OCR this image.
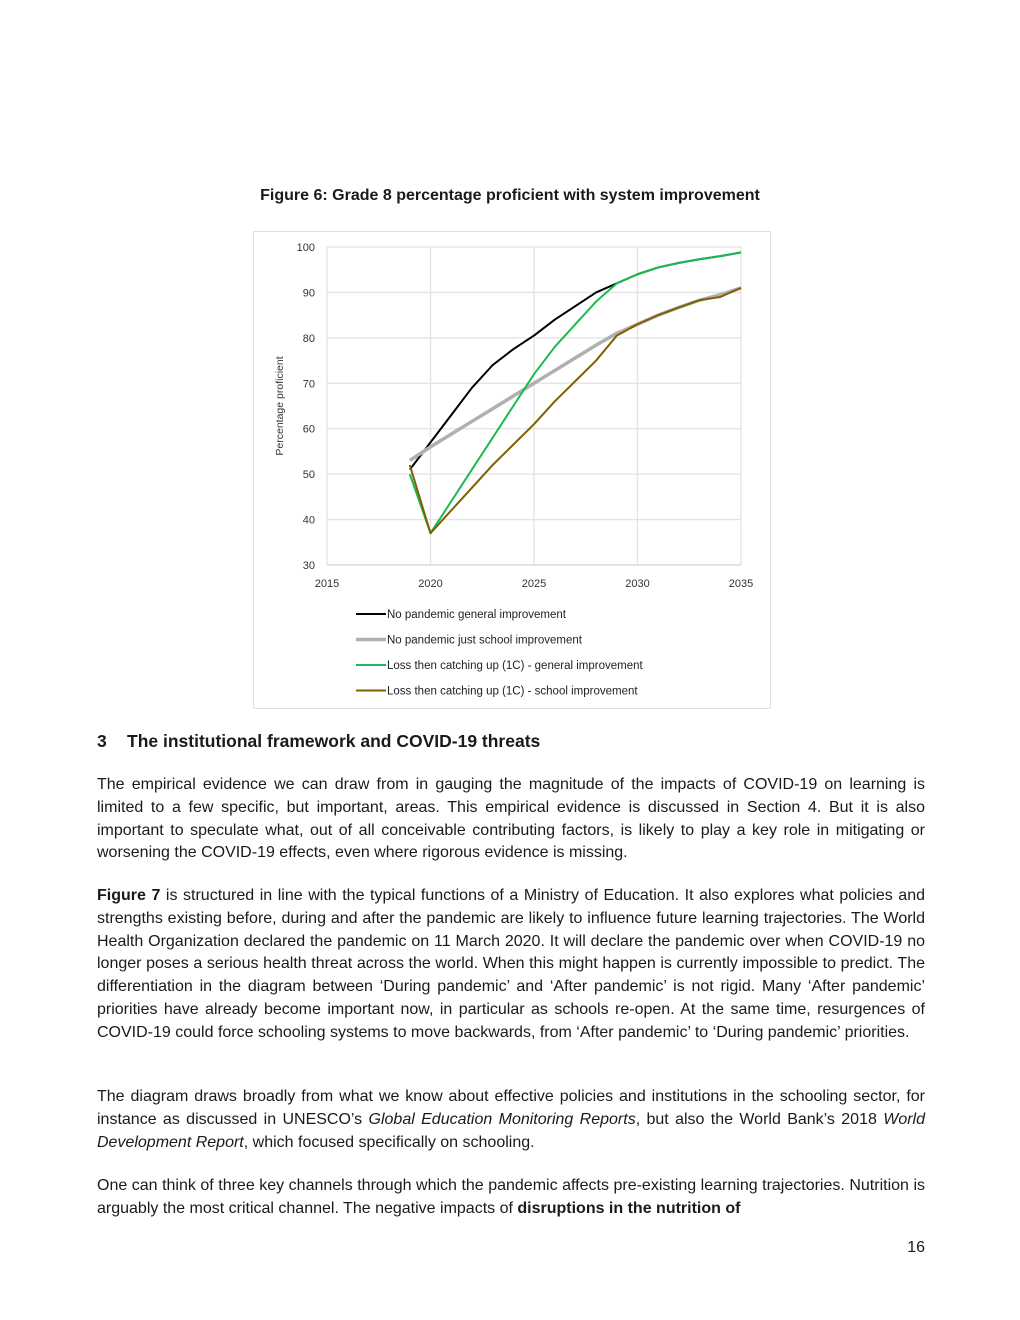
Figure 6: Grade 8 percentage proficient with system improvement
30
40
50
60
70
80
90
100
2015	2020	2025	2030	2035
Percentage proficient
No pandemic general improvement
No pandemic just school improvement
Loss then catching up (1C) - general improvement
Loss then catching up (1C) - school improvement
3 The institutional framework and COVID-19 threats
The empirical evidence we can draw from in gauging the magnitude of the impacts of COVID-19 on learning is limited to a few specific, but important, areas. This empirical evidence is discussed in Section 4. But it is also important to speculate what, out of all conceivable contributing factors, is likely to play a key role in mitigating or worsening the COVID-19 effects, even where rigorous evidence is missing.
Figure 7 is structured in line with the typical functions of a Ministry of Education. It also explores what policies and strengths existing before, during and after the pandemic are likely to influence future learning trajectories. The World Health Organization declared the pandemic on 11 March 2020. It will declare the pandemic over when COVID-19 no longer poses a serious health threat across the world. When this might happen is currently impossible to predict. The differentiation in the diagram between ‘During pandemic’ and ‘After pandemic’ is not rigid. Many ‘After pandemic’ priorities have already become important now, in particular as schools re-open. At the same time, resurgences of COVID-19 could force schooling systems to move backwards, from ‘After pandemic’ to ‘During pandemic’ priorities.
The diagram draws broadly from what we know about effective policies and institutions in the schooling sector, for instance as discussed in UNESCO’s Global Education Monitoring Reports, but also the World Bank’s 2018 World Development Report, which focused specifically on schooling.
One can think of three key channels through which the pandemic affects pre-existing learning trajectories. Nutrition is arguably the most critical channel. The negative impacts of disruptions in the nutrition of
16
